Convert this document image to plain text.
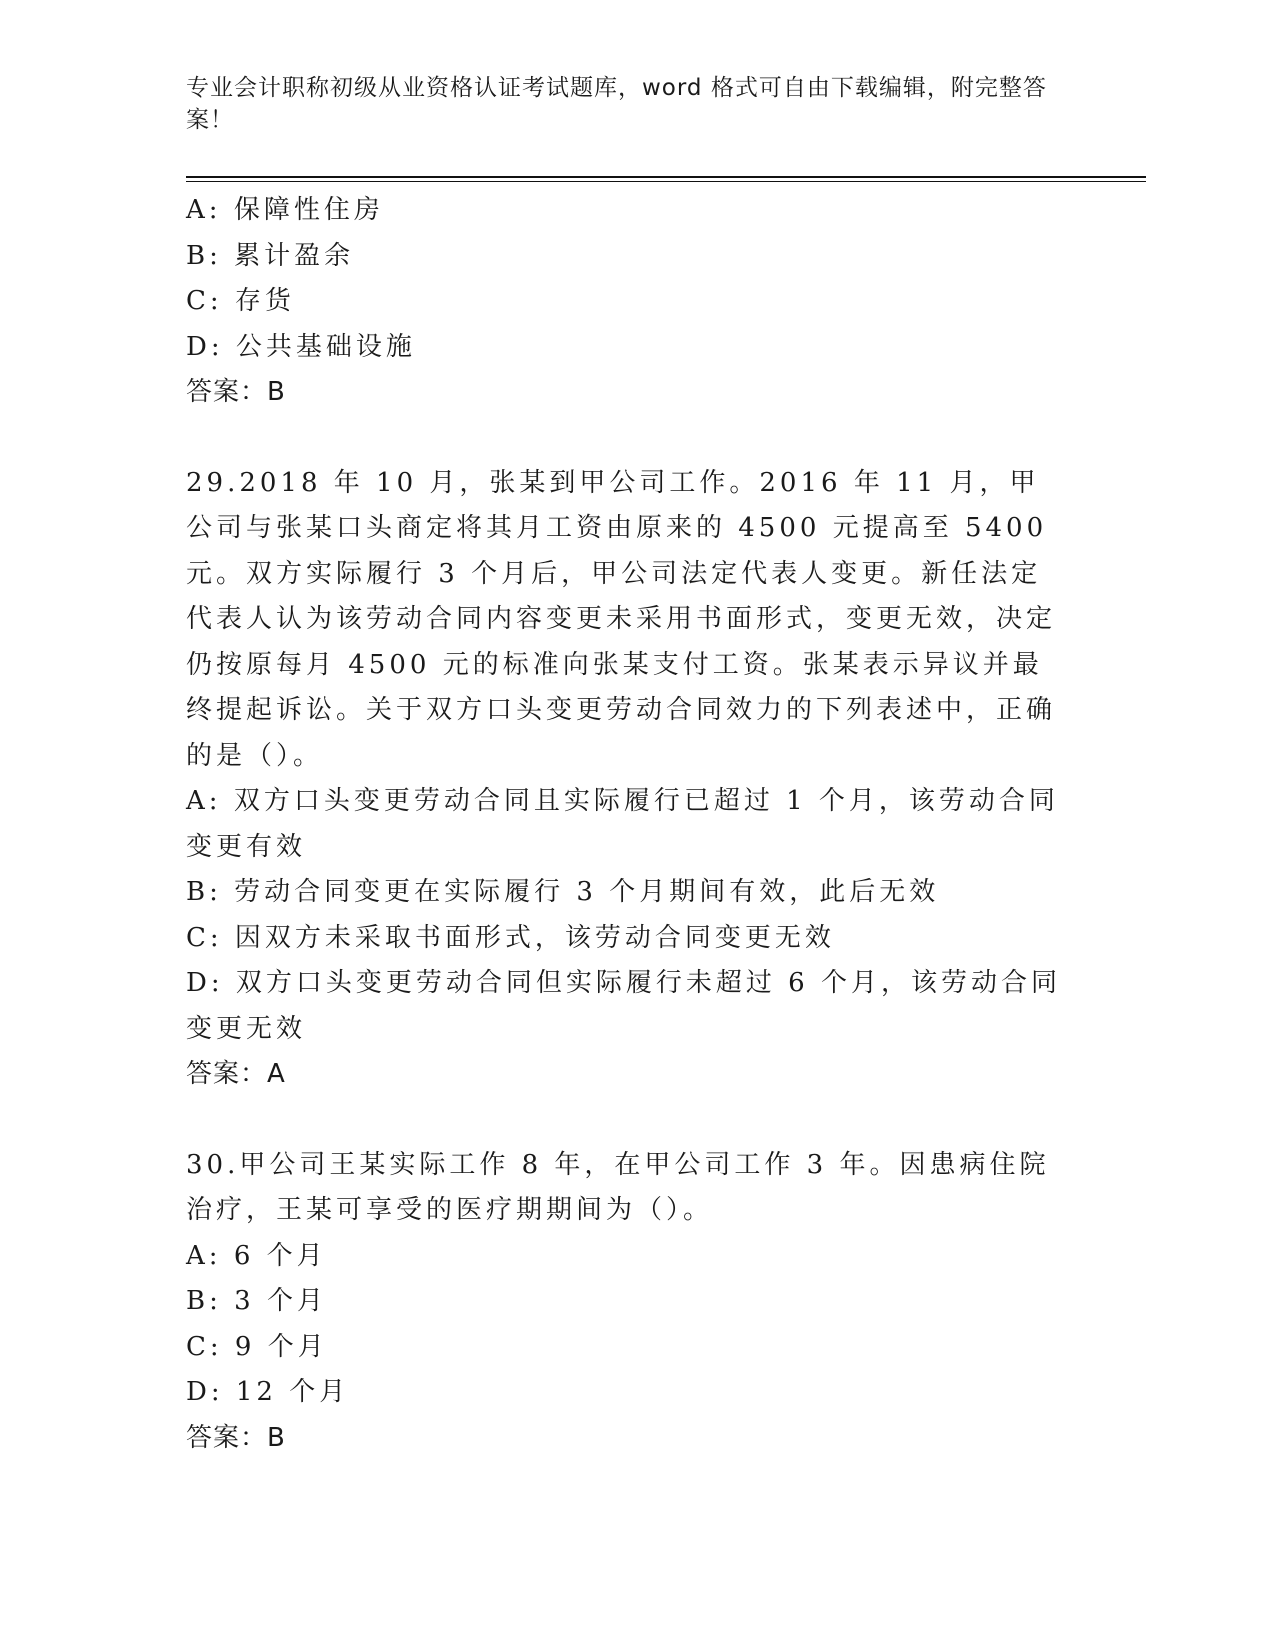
专业会计职称初级从业资格认证考试题库，word 格式可自由下载编辑，附完整答案！
A: 保障性住房
B: 累计盈余
C: 存货
D: 公共基础设施
答案：B
29.2018 年 10 月，张某到甲公司工作。2016 年 11 月，甲公司与张某口头商定将其月工资由原来的 4500 元提高至 5400 元。双方实际履行 3 个月后，甲公司法定代表人变更。新任法定代表人认为该劳动合同内容变更未采用书面形式，变更无效，决定仍按原每月 4500 元的标准向张某支付工资。张某表示异议并最终提起诉讼。关于双方口头变更劳动合同效力的下列表述中，正确的是（）。
A: 双方口头变更劳动合同且实际履行已超过 1 个月，该劳动合同变更有效
B: 劳动合同变更在实际履行 3 个月期间有效，此后无效
C: 因双方未采取书面形式，该劳动合同变更无效
D: 双方口头变更劳动合同但实际履行未超过 6 个月，该劳动合同变更无效
答案：A
30.甲公司王某实际工作 8 年，在甲公司工作 3 年。因患病住院治疗，王某可享受的医疗期期间为（）。
A: 6 个月
B: 3 个月
C: 9 个月
D: 12 个月
答案：B
